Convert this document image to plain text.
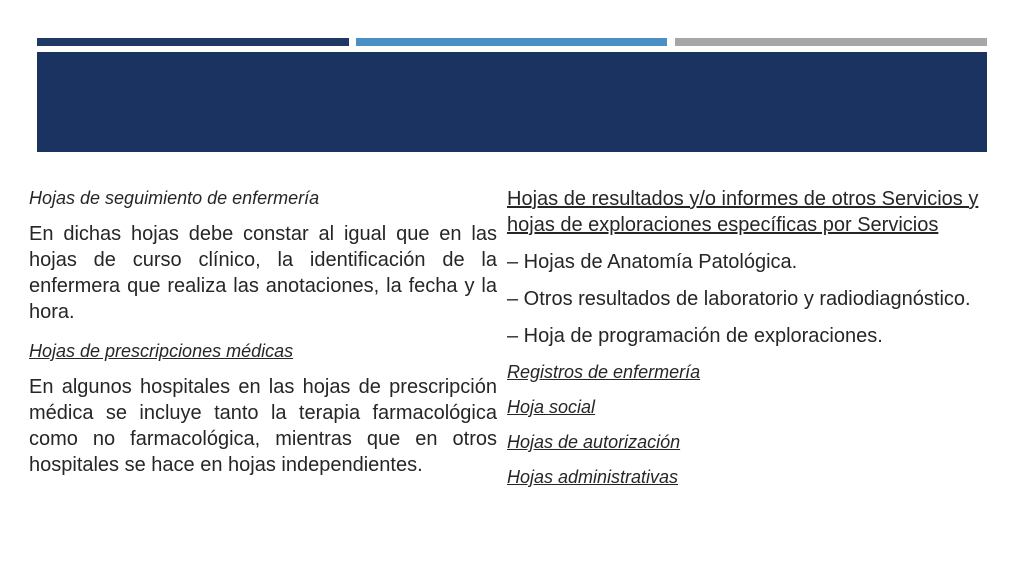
Hojas de seguimiento de enfermería

En dichas hojas debe constar al igual que en las hojas de curso clínico, la identificación de la enfermera que realiza las anotaciones, la fecha y la hora.

Hojas de prescripciones médicas

En algunos hospitales en las hojas de prescripción médica se incluye tanto la terapia farmacológica como no farmacológica, mientras que en otros hospitales se hace en hojas independientes.

Hojas de resultados y/o informes de otros Servicios y hojas de exploraciones específicas por Servicios

– Hojas de Anatomía Patológica.

– Otros resultados de laboratorio y radiodiagnóstico.

– Hoja de programación de exploraciones.

Registros de enfermería

Hoja social

Hojas de autorización

Hojas administrativas
